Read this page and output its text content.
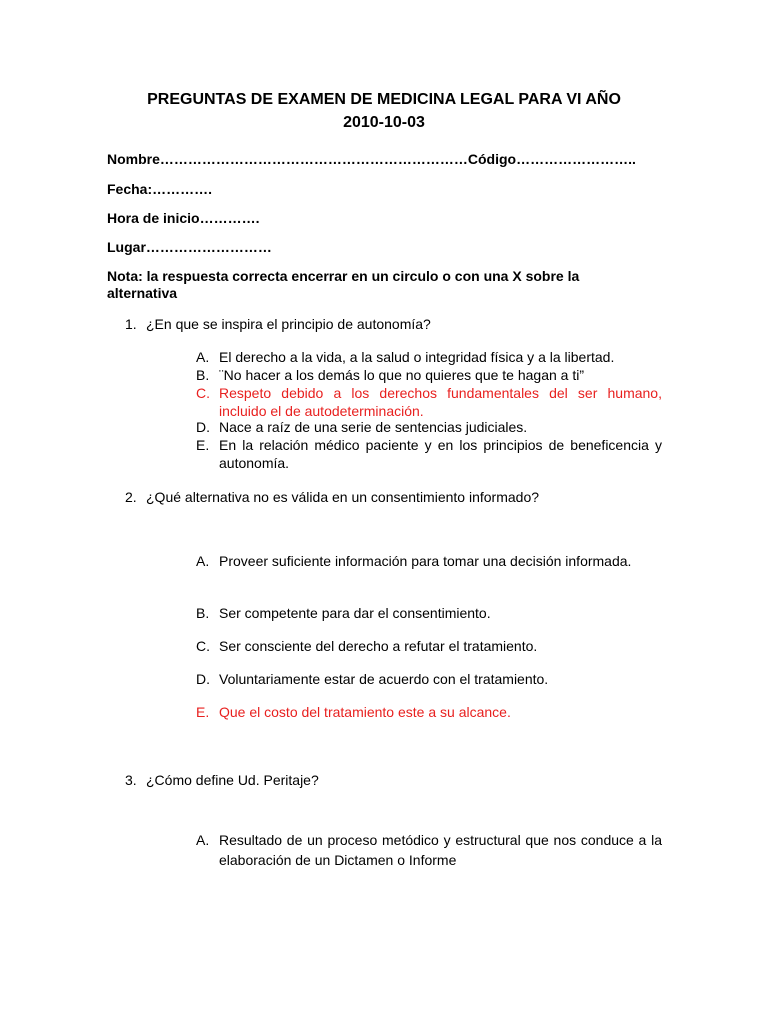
PREGUNTAS DE EXAMEN DE MEDICINA LEGAL PARA VI AÑO
2010-10-03
Nombre…………………………………………………………Código……………………..
Fecha:………….
Hora de inicio………….
Lugar………………………
Nota: la respuesta correcta encerrar en un circulo o con una X sobre la alternativa
1. ¿En que se inspira el principio de autonomía?
A. El derecho a la vida, a la salud o integridad física y a la libertad.
B. ¨No hacer a los demás lo que no quieres que te hagan a ti”
C. Respeto debido a los derechos fundamentales del ser humano, incluido el de autodeterminación.
D. Nace a raíz de una serie de sentencias judiciales.
E. En la relación médico paciente y en los principios de beneficencia y autonomía.
2. ¿Qué alternativa no es válida en un consentimiento informado?
A. Proveer suficiente información para tomar una decisión informada.
B. Ser competente para dar el consentimiento.
C. Ser consciente del derecho a refutar el tratamiento.
D. Voluntariamente estar de acuerdo con el tratamiento.
E. Que el costo del tratamiento este a su alcance.
3. ¿Cómo define Ud. Peritaje?
A. Resultado de un proceso metódico y estructural que nos conduce a la elaboración de un Dictamen o Informe
